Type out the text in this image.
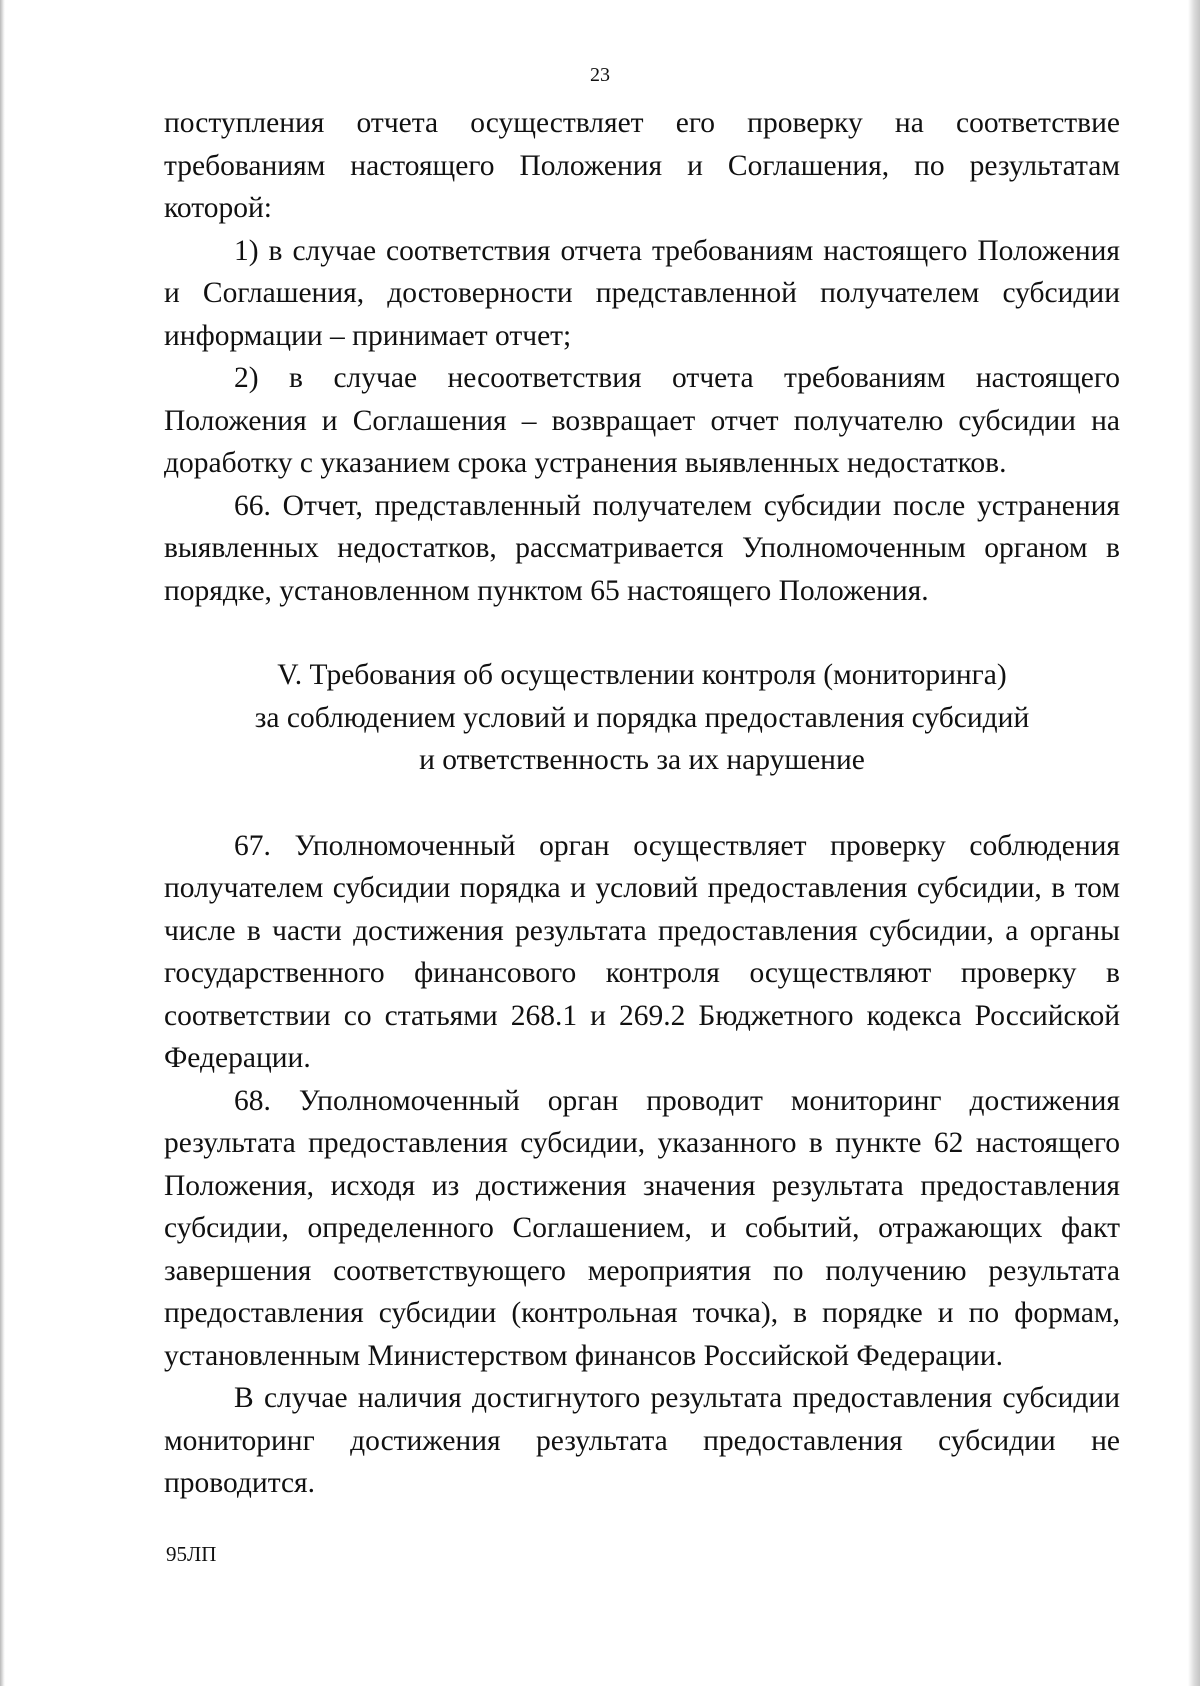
23

поступления отчета осуществляет его проверку на соответствие требованиям настоящего Положения и Соглашения, по результатам которой:

1) в случае соответствия отчета требованиям настоящего Положения и Соглашения, достоверности представленной получателем субсидии информации – принимает отчет;

2) в случае несоответствия отчета требованиям настоящего Положения и Соглашения – возвращает отчет получателю субсидии на доработку с указанием срока устранения выявленных недостатков.

66. Отчет, представленный получателем субсидии после устранения выявленных недостатков, рассматривается Уполномоченным органом в порядке, установленном пунктом 65 настоящего Положения.

V. Требования об осуществлении контроля (мониторинга)

за соблюдением условий и порядка предоставления субсидий

и ответственность за их нарушение

67. Уполномоченный орган осуществляет проверку соблюдения получателем субсидии порядка и условий предоставления субсидии, в том числе в части достижения результата предоставления субсидии, а органы государственного финансового контроля осуществляют проверку в соответствии со статьями 268.1 и 269.2 Бюджетного кодекса Российской Федерации.

68. Уполномоченный орган проводит мониторинг достижения результата предоставления субсидии, указанного в пункте 62 настоящего Положения, исходя из достижения значения результата предоставления субсидии, определенного Соглашением, и событий, отражающих факт завершения соответствующего мероприятия по получению результата предоставления субсидии (контрольная точка), в порядке и по формам, установленным Министерством финансов Российской Федерации.

В случае наличия достигнутого результата предоставления субсидии мониторинг достижения результата предоставления субсидии не проводится.

95ЛП
